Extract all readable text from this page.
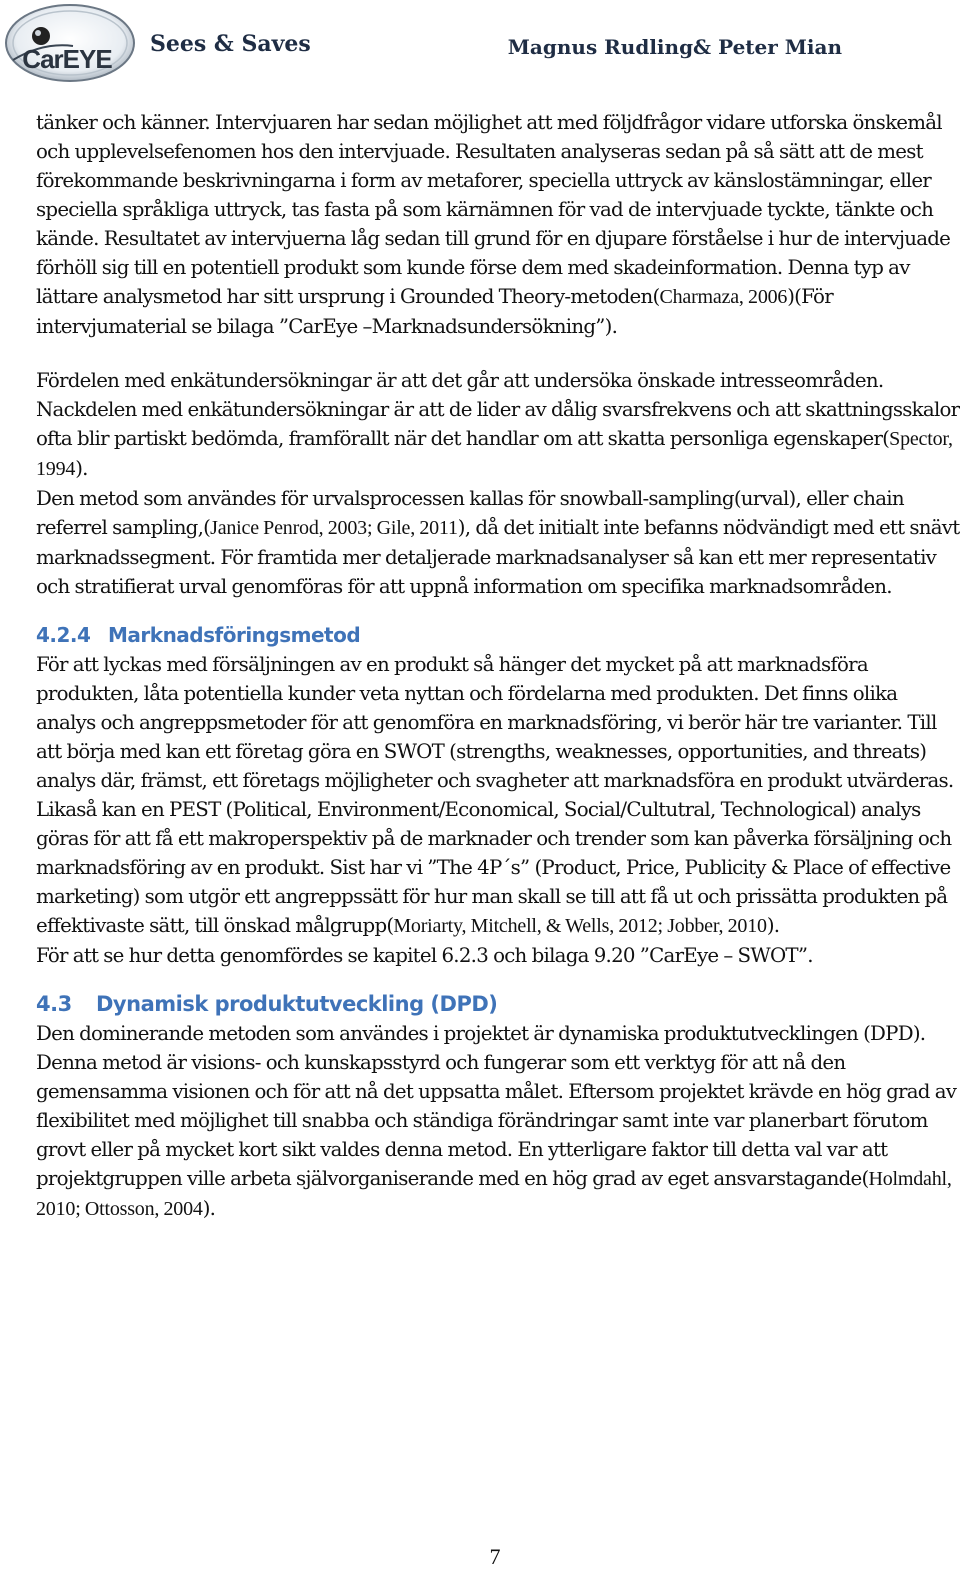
CarEYE Sees & Saves	Magnus Rudling& Peter Mian

tänker och känner. Intervjuaren har sedan möjlighet att med följdfrågor vidare utforska önskemål och upplevelsefenomen hos den intervjuade. Resultaten analyseras sedan på så sätt att de mest förekommande beskrivningarna i form av metaforer, speciella uttryck av känslostämningar, eller speciella språkliga uttryck, tas fasta på som kärnämnen för vad de intervjuade tyckte, tänkte och kände. Resultatet av intervjuerna låg sedan till grund för en djupare förståelse i hur de intervjuade förhöll sig till en potentiell produkt som kunde förse dem med skadeinformation. Denna typ av lättare analysmetod har sitt ursprung i Grounded Theory-metoden(Charmaza, 2006)(För intervjumaterial se bilaga ”CarEye –Marknadsundersökning”).

Fördelen med enkätundersökningar är att det går att undersöka önskade intresseområden. Nackdelen med enkätundersökningar är att de lider av dålig svarsfrekvens och att skattningsskalor ofta blir partiskt bedömda, framförallt när det handlar om att skatta personliga egenskaper(Spector, 1994).

Den metod som användes för urvalsprocessen kallas för snowball-sampling(urval), eller chain referrel sampling,(Janice Penrod, 2003; Gile, 2011), då det initialt inte befanns nödvändigt med ett snävt marknadssegment. För framtida mer detaljerade marknadsanalyser så kan ett mer representativ och stratifierat urval genomföras för att uppnå information om specifika marknadsområden.

4.2.4 Marknadsföringsmetod

För att lyckas med försäljningen av en produkt så hänger det mycket på att marknadsföra produkten, låta potentiella kunder veta nyttan och fördelarna med produkten. Det finns olika analys och angreppsmetoder för att genomföra en marknadsföring, vi berör här tre varianter. Till att börja med kan ett företag göra en SWOT (strengths, weaknesses, opportunities, and threats) analys där, främst, ett företags möjligheter och svagheter att marknadsföra en produkt utvärderas. Likaså kan en PEST (Political, Environment/Economical, Social/Cultutral, Technological) analys göras för att få ett makroperspektiv på de marknader och trender som kan påverka försäljning och marknadsföring av en produkt. Sist har vi ”The 4P´s” (Product, Price, Publicity & Place of effective marketing) som utgör ett angreppssätt för hur man skall se till att få ut och prissätta produkten på effektivaste sätt, till önskad målgrupp(Moriarty, Mitchell, & Wells, 2012; Jobber, 2010).

För att se hur detta genomfördes se kapitel 6.2.3 och bilaga 9.20 ”CarEye – SWOT”.

4.3 Dynamisk produktutveckling (DPD)

Den dominerande metoden som användes i projektet är dynamiska produktutvecklingen (DPD). Denna metod är visions- och kunskapsstyrd och fungerar som ett verktyg för att nå den gemensamma visionen och för att nå det uppsatta målet. Eftersom projektet krävde en hög grad av flexibilitet med möjlighet till snabba och ständiga förändringar samt inte var planerbart förutom grovt eller på mycket kort sikt valdes denna metod. En ytterligare faktor till detta val var att projektgruppen ville arbeta självorganiserande med en hög grad av eget ansvarstagande(Holmdahl, 2010; Ottosson, 2004).

7
